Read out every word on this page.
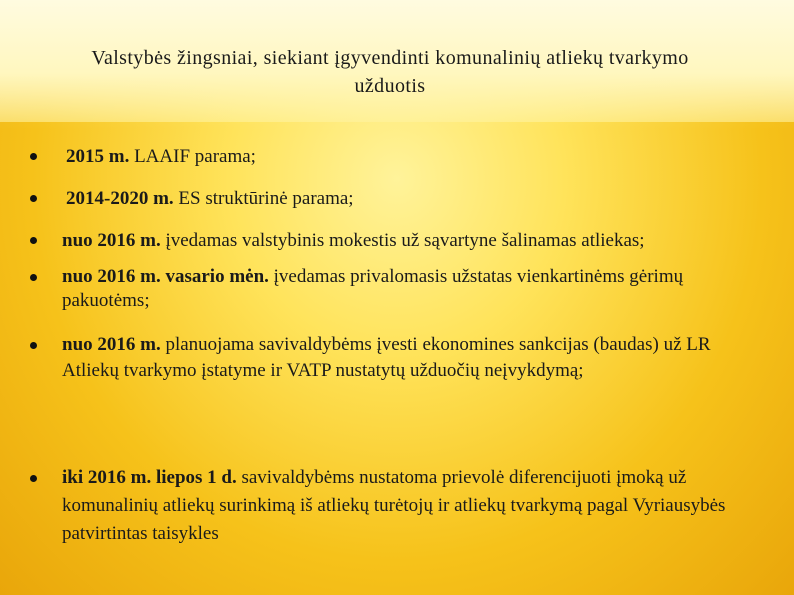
Valstybės žingsniai, siekiant įgyvendinti komunalinių atliekų tvarkymo užduotis
2015 m. LAAIF parama;
2014-2020 m. ES struktūrinė parama;
nuo 2016 m. įvedamas valstybinis mokestis už sąvartyne šalinamas atliekas;
nuo 2016 m. vasario mėn. įvedamas privalomasis užstatas vienkartinėms gėrimų pakuotėms;
nuo 2016 m. planuojama savivaldybėms įvesti ekonomines sankcijas (baudas) už LR Atliekų tvarkymo įstatyme ir VATP nustatytų užduočių neįvykdymą;
iki 2016 m. liepos 1 d. savivaldybėms nustatoma prievolė diferencijuoti įmoką už komunalinių atliekų surinkimą iš atliekų turėtojų ir atliekų tvarkymą pagal Vyriausybės patvirtintas taisykles
